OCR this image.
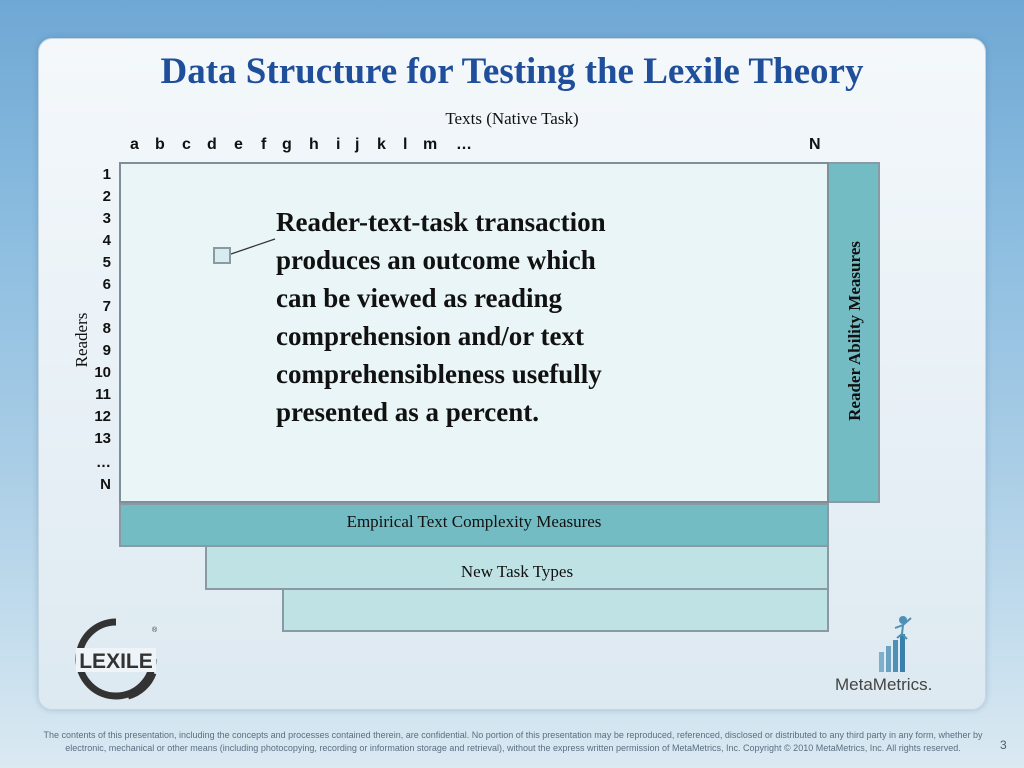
Data Structure for Testing the Lexile Theory
Texts (Native Task)
a b c d e f g h i j k l m …	N
1
2
3
4
5
6
7
8
9
10
11
12
13
…
N
Readers
New Task Types
Empirical Text Complexity Measures
Reader Ability Measures
Reader-text-task transaction
produces an outcome which
can be viewed as reading
comprehension and/or text
comprehensibleness usefully
presented as a percent.
LEXILE
®
MetaMetrics.
The contents of this presentation, including the concepts and processes contained therein, are confidential. No portion of this presentation may be reproduced, referenced, disclosed or distributed to any third party in any form, whether by electronic, mechanical or other means (including photocopying, recording or information storage and retrieval), without the express written permission of MetaMetrics, Inc. Copyright © 2010 MetaMetrics, Inc. All rights reserved.	3
